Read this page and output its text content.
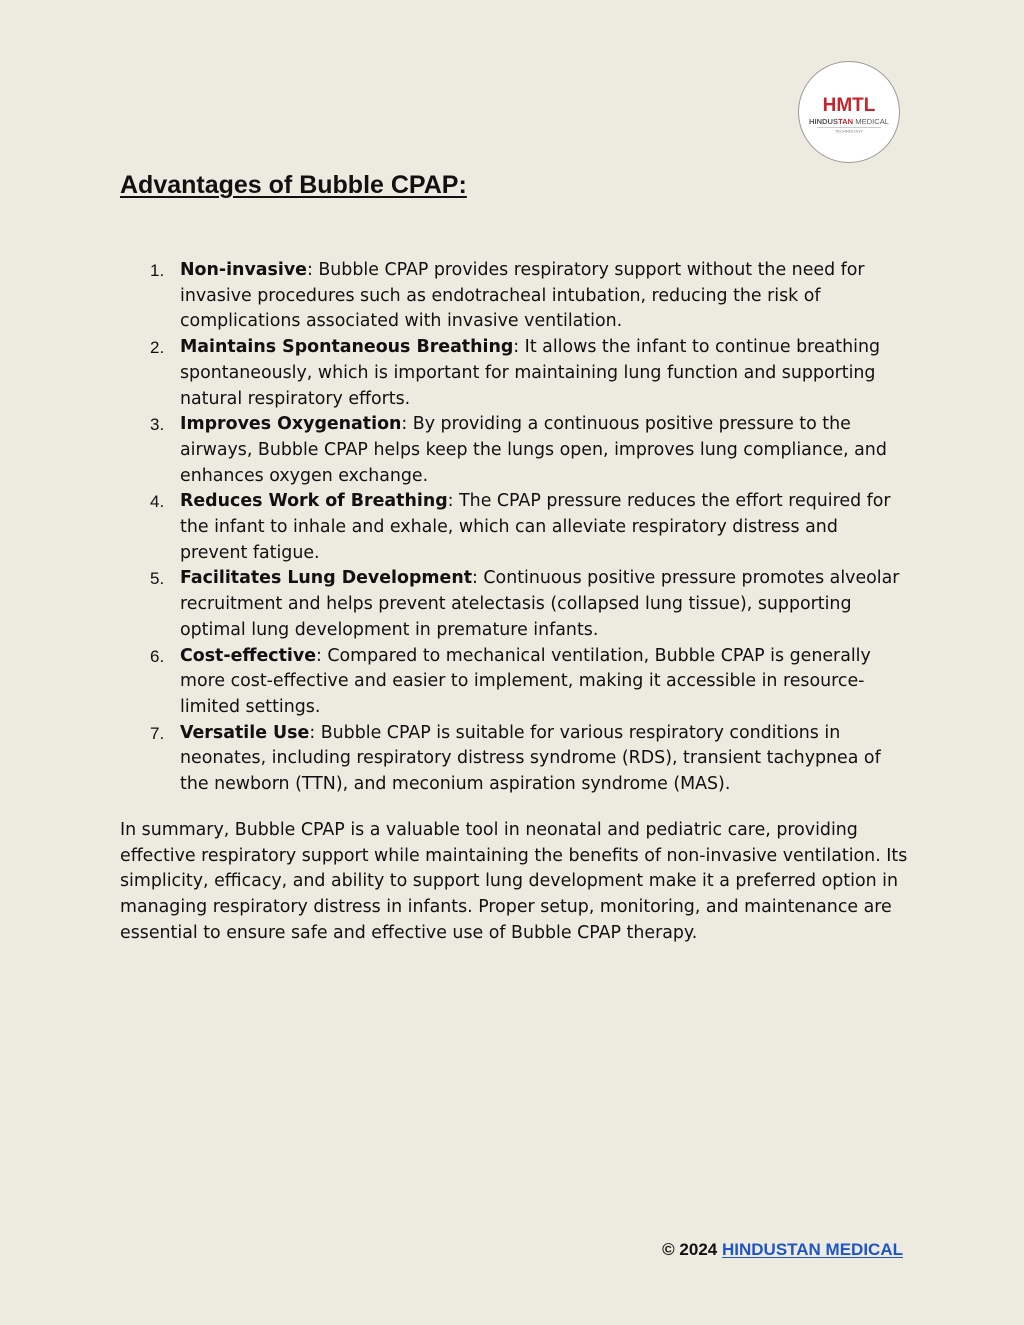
HMTL
HINDUSTAN MEDICAL
TECHNOLOGY
Advantages of Bubble CPAP:
1. Non-invasive: Bubble CPAP provides respiratory support without the need for invasive procedures such as endotracheal intubation, reducing the risk of complications associated with invasive ventilation.
2. Maintains Spontaneous Breathing: It allows the infant to continue breathing spontaneously, which is important for maintaining lung function and supporting natural respiratory efforts.
3. Improves Oxygenation: By providing a continuous positive pressure to the airways, Bubble CPAP helps keep the lungs open, improves lung compliance, and enhances oxygen exchange.
4. Reduces Work of Breathing: The CPAP pressure reduces the effort required for the infant to inhale and exhale, which can alleviate respiratory distress and prevent fatigue.
5. Facilitates Lung Development: Continuous positive pressure promotes alveolar recruitment and helps prevent atelectasis (collapsed lung tissue), supporting optimal lung development in premature infants.
6. Cost-effective: Compared to mechanical ventilation, Bubble CPAP is generally more cost-effective and easier to implement, making it accessible in resource-limited settings.
7. Versatile Use: Bubble CPAP is suitable for various respiratory conditions in neonates, including respiratory distress syndrome (RDS), transient tachypnea of the newborn (TTN), and meconium aspiration syndrome (MAS).

In summary, Bubble CPAP is a valuable tool in neonatal and pediatric care, providing effective respiratory support while maintaining the benefits of non-invasive ventilation. Its simplicity, efficacy, and ability to support lung development make it a preferred option in managing respiratory distress in infants. Proper setup, monitoring, and maintenance are essential to ensure safe and effective use of Bubble CPAP therapy.

© 2024 HINDUSTAN MEDICAL
